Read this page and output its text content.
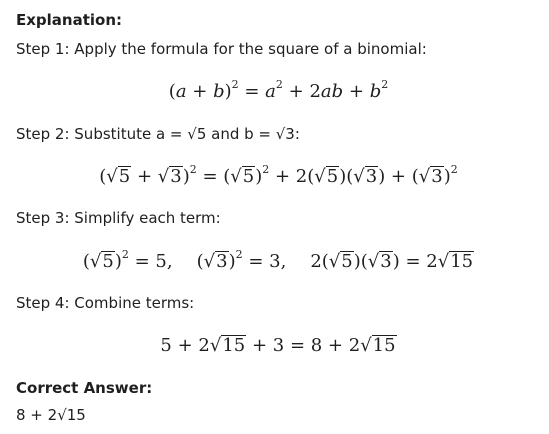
Explanation:
Step 1: Apply the formula for the square of a binomial:
$(a + b)^2 = a^2 + 2ab + b^2$
Step 2: Substitute a = √5 and b = √3:
$(√5 + √3)^2 = (√5)^2 + 2(√5)(√3) + (√3)^2$
Step 3: Simplify each term:
$(√5)^2 = 5$, $(√3)^2 = 3$, 2(√5)(√3) = 2√15
Step 4: Combine terms:
5 + 2√15 + 3 = 8 + 2√15
Correct Answer:
8 + 2√15
